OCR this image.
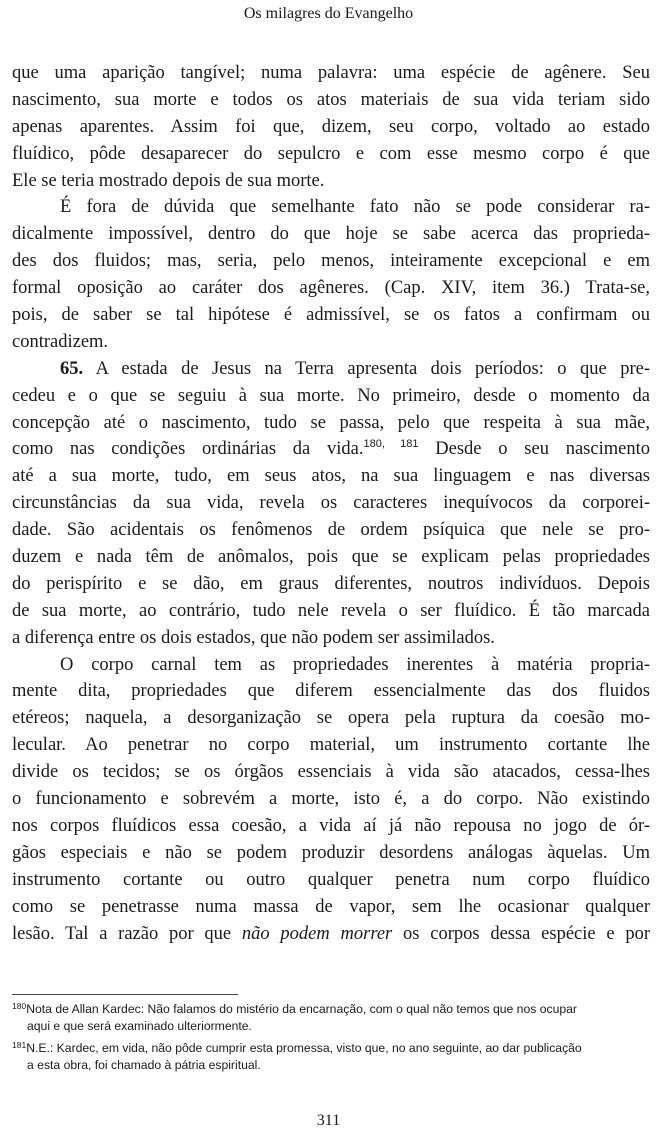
Os milagres do Evangelho
que uma aparição tangível; numa palavra: uma espécie de agênere. Seu
nascimento, sua morte e todos os atos materiais de sua vida teriam sido
apenas aparentes. Assim foi que, dizem, seu corpo, voltado ao estado
fluídico, pôde desaparecer do sepulcro e com esse mesmo corpo é que
Ele se teria mostrado depois de sua morte.
É fora de dúvida que semelhante fato não se pode considerar ra-
dicalmente impossível, dentro do que hoje se sabe acerca das proprieda-
des dos fluidos; mas, seria, pelo menos, inteiramente excepcional e em
formal oposição ao caráter dos agêneres. (Cap. XIV, item 36.) Trata-se,
pois, de saber se tal hipótese é admissível, se os fatos a confirmam ou
contradizem.
65. A estada de Jesus na Terra apresenta dois períodos: o que pre-
cedeu e o que se seguiu à sua morte. No primeiro, desde o momento da
concepção até o nascimento, tudo se passa, pelo que respeita à sua mãe,
como nas condições ordinárias da vida.$^{180, 181}$ Desde o seu nascimento
até a sua morte, tudo, em seus atos, na sua linguagem e nas diversas
circunstâncias da sua vida, revela os caracteres inequívocos da corporei-
dade. São acidentais os fenômenos de ordem psíquica que nele se pro-
duzem e nada têm de anômalos, pois que se explicam pelas propriedades
do perispírito e se dão, em graus diferentes, noutros indivíduos. Depois
de sua morte, ao contrário, tudo nele revela o ser fluídico. É tão marcada
a diferença entre os dois estados, que não podem ser assimilados.
O corpo carnal tem as propriedades inerentes à matéria propria-
mente dita, propriedades que diferem essencialmente das dos fluidos
etéreos; naquela, a desorganização se opera pela ruptura da coesão mo-
lecular. Ao penetrar no corpo material, um instrumento cortante lhe
divide os tecidos; se os órgãos essenciais à vida são atacados, cessa-lhes
o funcionamento e sobrevém a morte, isto é, a do corpo. Não existindo
nos corpos fluídicos essa coesão, a vida aí já não repousa no jogo de ór-
gãos especiais e não se podem produzir desordens análogas àquelas. Um
instrumento cortante ou outro qualquer penetra num corpo fluídico
como se penetrasse numa massa de vapor, sem lhe ocasionar qualquer
lesão. Tal a razão por que não podem morrer os corpos dessa espécie e por
$^{180}$Nota de Allan Kardec: Não falamos do mistério da encarnação, com o qual não temos que nos ocupar
aqui e que será examinado ulteriormente.
$^{181}$N.E.: Kardec, em vida, não pôde cumprir esta promessa, visto que, no ano seguinte, ao dar publicação
a esta obra, foi chamado à pátria espiritual.
311
